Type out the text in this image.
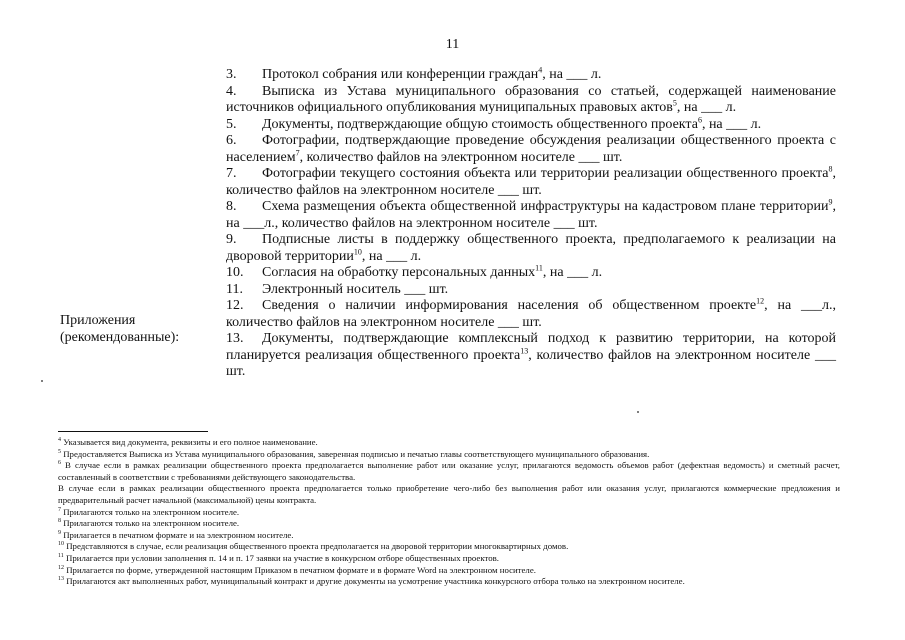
11
Приложения
(рекомендованные):

3. Протокол собрания или конференции граждан$^4$, на ___ л.

4. Выписка из Устава муниципального образования со статьей, содержащей наименование источников официального опубликования муниципальных правовых актов$^5$, на ___ л.

5. Документы, подтверждающие общую стоимость общественного проекта$^6$, на ___ л.

6. Фотографии, подтверждающие проведение обсуждения реализации общественного проекта с населением$^7$, количество файлов на электронном носителе ___ шт.

7. Фотографии текущего состояния объекта или территории реализации общественного проекта$^8$, количество файлов на электронном носителе ___ шт.

8. Схема размещения объекта общественной инфраструктуры на кадастровом плане территории$^9$, на ___л., количество файлов на электронном носителе ___ шт.

9. Подписные листы в поддержку общественного проекта, предполагаемого к реализации на дворовой территории$^{10}$, на ___ л.

10. Согласия на обработку персональных данных$^{11}$, на ___ л.

11. Электронный носитель ___ шт.

12. Сведения о наличии информирования населения об общественном проекте$^{12}$, на ___л., количество файлов на электронном носителе ___ шт.

13. Документы, подтверждающие комплексный подход к развитию территории, на которой планируется реализация общественного проекта$^{13}$, количество файлов на электронном носителе ___ шт.

$^4$ Указывается вид документа, реквизиты и его полное наименование.

$^5$ Предоставляется Выписка из Устава муниципального образования, заверенная подписью и печатью главы соответствующего муниципального образования.

$^6$ В случае если в рамках реализации общественного проекта предполагается выполнение работ или оказание услуг, прилагаются ведомость объемов работ (дефектная ведомость) и сметный расчет, составленный в соответствии с требованиями действующего законодательства.

В случае если в рамках реализации общественного проекта предполагается только приобретение чего-либо без выполнения работ или оказания услуг, прилагаются коммерческие предложения и предварительный расчет начальной (максимальной) цены контракта.

$^7$ Прилагаются только на электронном носителе.

$^8$ Прилагаются только на электронном носителе.

$^9$ Прилагается в печатном формате и на электронном носителе.

$^{10}$ Представляются в случае, если реализация общественного проекта предполагается на дворовой территории многоквартирных домов.

$^{11}$ Прилагается при условии заполнения п. 14 и п. 17 заявки на участие в конкурсном отборе общественных проектов.

$^{12}$ Прилагается по форме, утвержденной настоящим Приказом в печатном формате и в формате Word на электронном носителе.

$^{13}$ Прилагаются акт выполненных работ, муниципальный контракт и другие документы на усмотрение участника конкурсного отбора только на электронном носителе.
